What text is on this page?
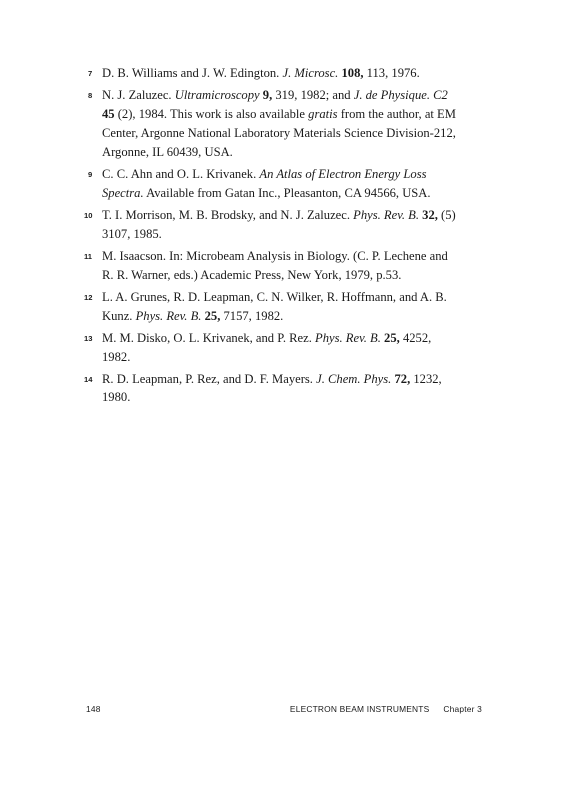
7 D. B. Williams and J. W. Edington. J. Microsc. 108, 113, 1976.
8 N. J. Zaluzec. Ultramicroscopy 9, 319, 1982; and J. de Physique. C2 45 (2), 1984. This work is also available gratis from the author, at EM Center, Argonne National Laboratory Materials Science Division-212, Argonne, IL 60439, USA.
9 C. C. Ahn and O. L. Krivanek. An Atlas of Electron Energy Loss Spectra. Available from Gatan Inc., Pleasanton, CA 94566, USA.
10 T. I. Morrison, M. B. Brodsky, and N. J. Zaluzec. Phys. Rev. B. 32, (5) 3107, 1985.
11 M. Isaacson. In: Microbeam Analysis in Biology. (C. P. Lechene and R. R. Warner, eds.) Academic Press, New York, 1979, p.53.
12 L. A. Grunes, R. D. Leapman, C. N. Wilker, R. Hoffmann, and A. B. Kunz. Phys. Rev. B. 25, 7157, 1982.
13 M. M. Disko, O. L. Krivanek, and P. Rez. Phys. Rev. B. 25, 4252, 1982.
14 R. D. Leapman, P. Rez, and D. F. Mayers. J. Chem. Phys. 72, 1232, 1980.
148	ELECTRON BEAM INSTRUMENTS Chapter 3
